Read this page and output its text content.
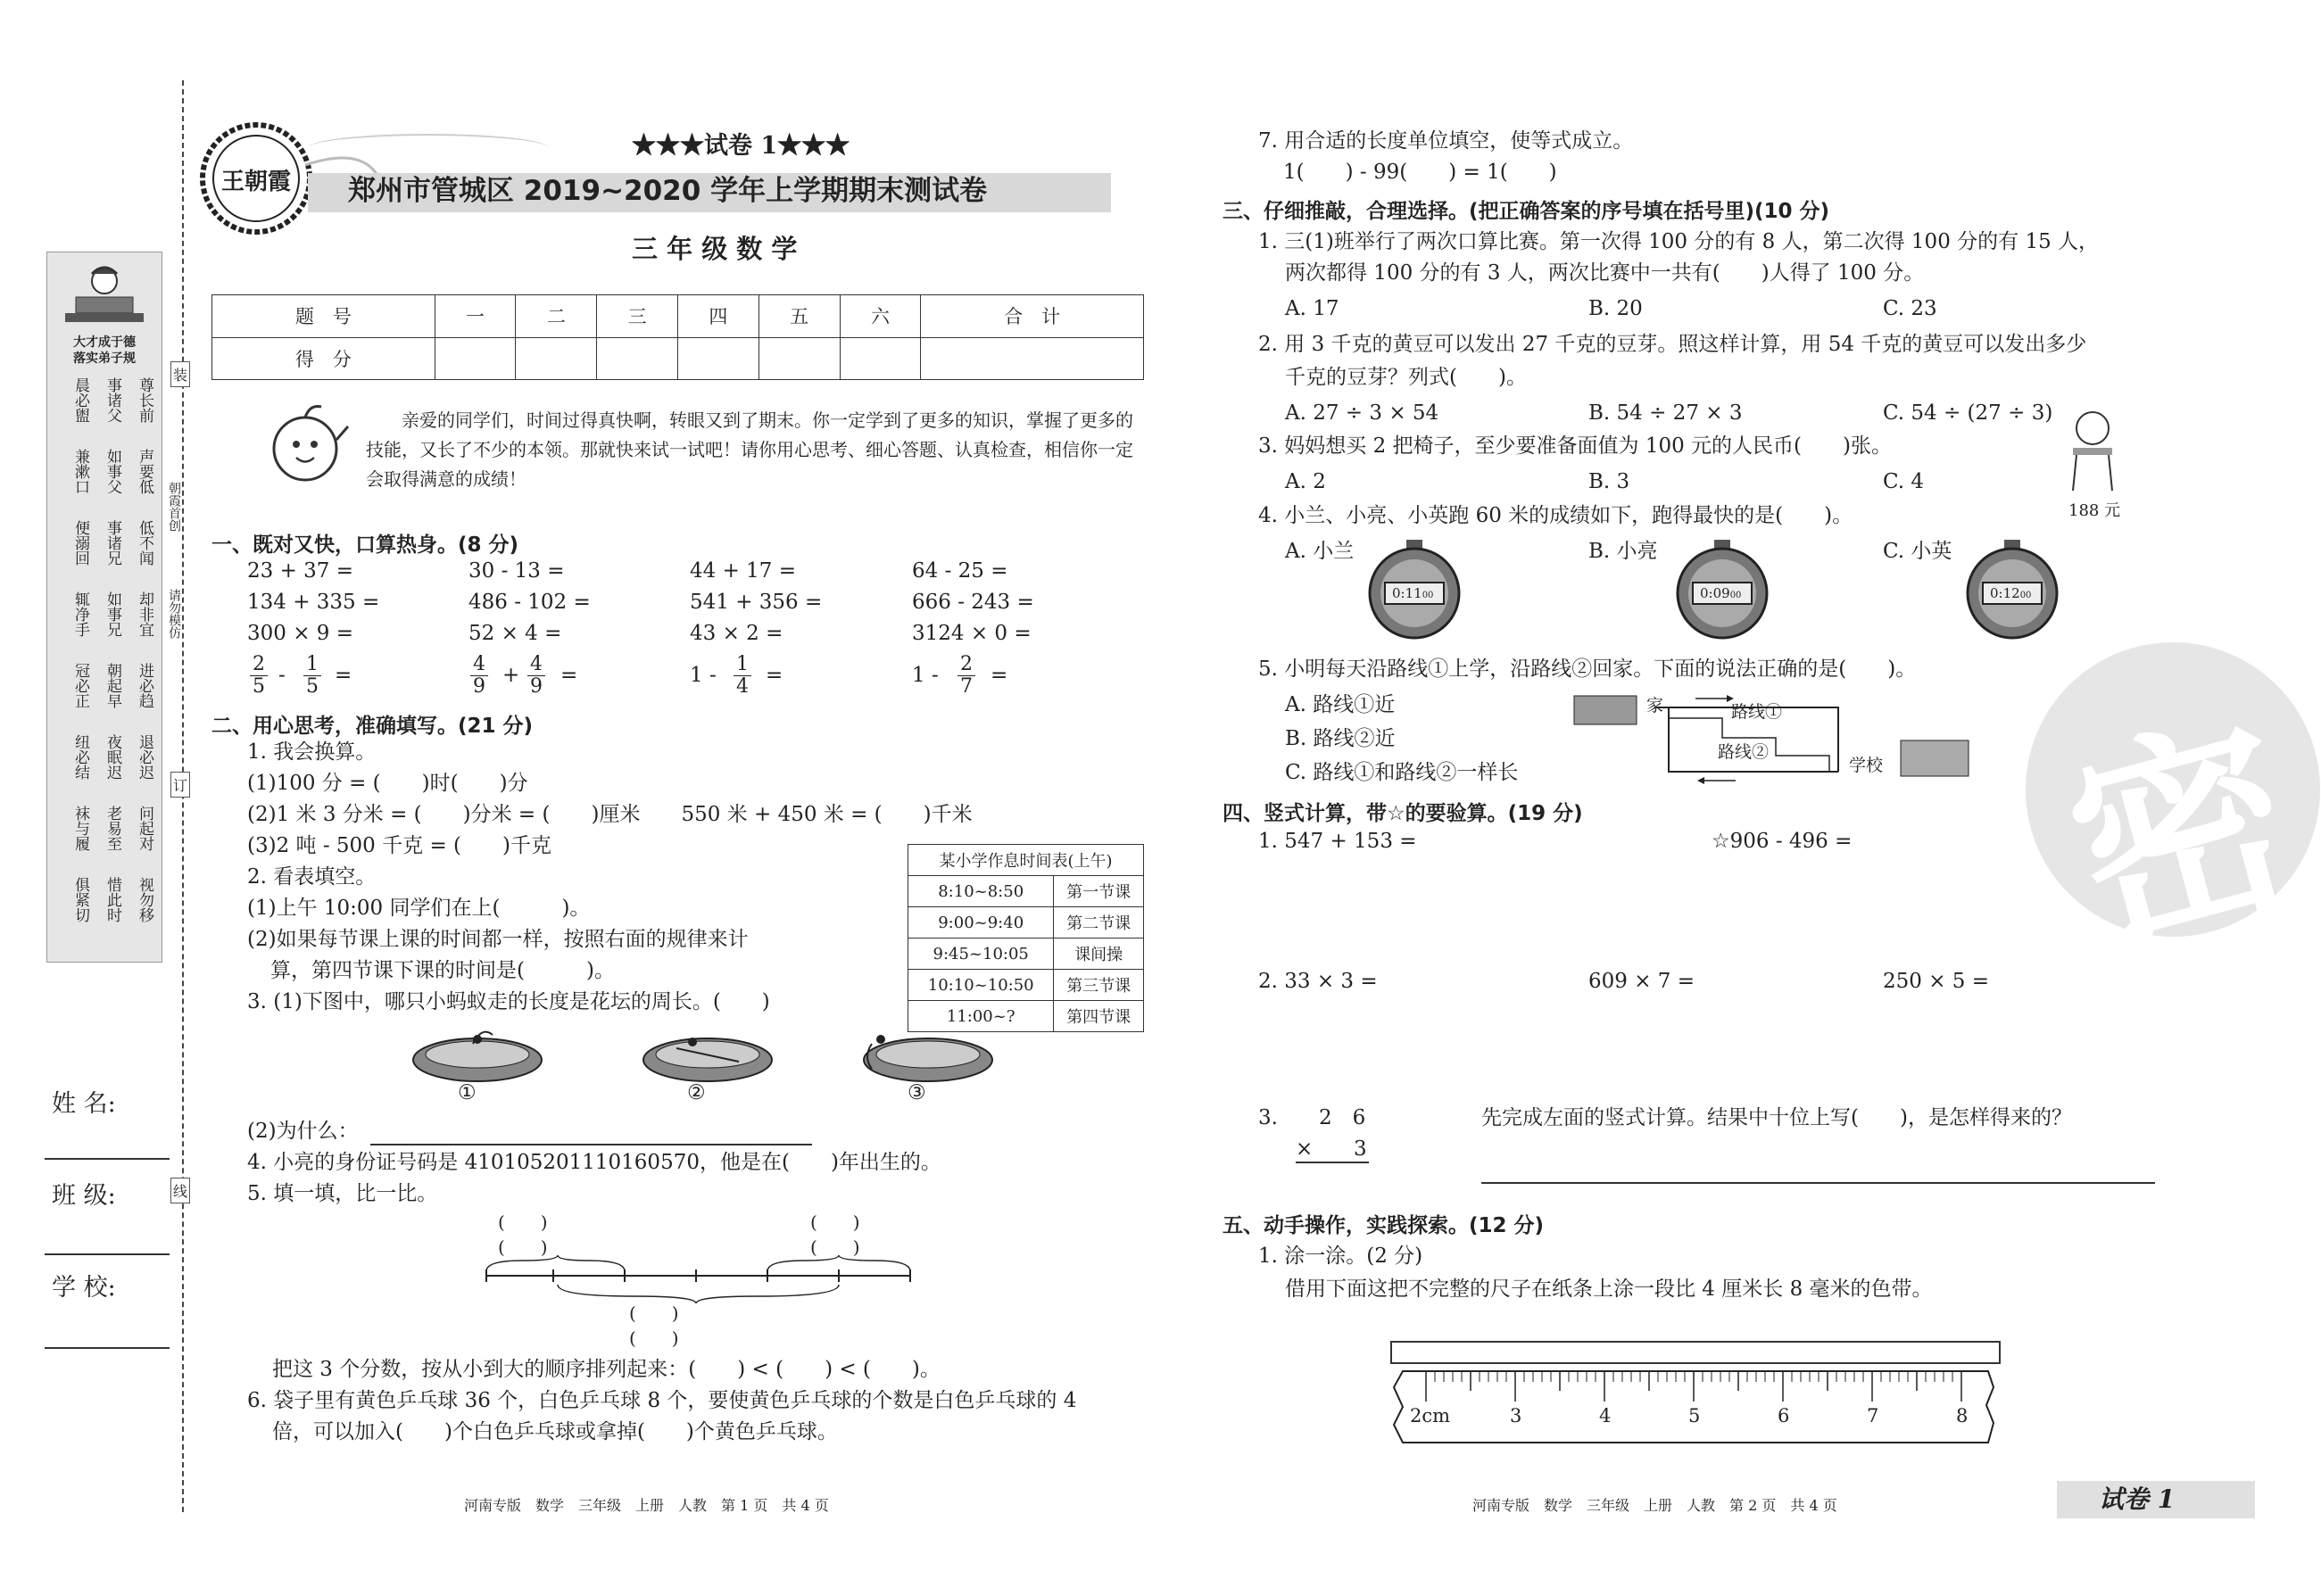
大才成于德
落实弟子规
晨必盥 事诸父 尊长前
兼漱口 如事父 声要低
便溺回 事诸兄 低不闻
辄净手 如事兄 却非宜
冠必正 朝起早 进必趋
纽必结 夜眠迟 退必迟
袜与履 老易至 问起对
俱紧切 惜此时 视勿移
装
朝霞首创
请勿模仿
订
线
姓 名:
班 级:
学 校:
王朝霞
★★★试卷 1★★★
郑州市管城区 2019~2020 学年上学期期末测试卷
三 年 级 数 学
题　号	一	二	三	四	五	六	合　计
得　分							
亲爱的同学们，时间过得真快啊，转眼又到了期末。你一定学到了更多的知识，掌握了更多的技能，又长了不少的本领。那就快来试一试吧！请你用心思考、细心答题、认真检查，相信你一定会取得满意的成绩！
一、既对又快，口算热身。(8 分)
23 + 37 =	30 - 13 =	44 + 17 =	64 - 25 =
134 + 335 =	486 - 102 =	541 + 356 =	666 - 243 =
300 × 9 =	52 × 4 =	43 × 2 =	3124 × 0 =
$\frac{2}{5} - \frac{1}{5}$ =	$\frac{4}{9} + \frac{4}{9}$ =	$1 - \frac{1}{4}$ =	$1 - \frac{2}{7}$ =
二、用心思考，准确填写。(21 分)
1. 我会换算。
(1)100 分 = (　　)时(　　)分
(2)1 米 3 分米 = (　　)分米 = (　　)厘米　　550 米 + 450 米 = (　　)千米
(3)2 吨 - 500 千克 = (　　)千克
2. 看表填空。
(1)上午 10:00 同学们在上(　　　)。
(2)如果每节课上课的时间都一样，按照右面的规律来计
算，第四节课下课的时间是(　　　)。
某小学作息时间表(上午)	
8:10~8:50	第一节课
9:00~9:40	第二节课
9:45~10:05	课间操
10:10~10:50	第三节课
11:00~?	第四节课
3. (1)下图中，哪只小蚂蚁走的长度是花坛的周长。(　　)
①	②	③
(2)为什么：
4. 小亮的身份证号码是 410105201110160570，他是在(　　)年出生的。
5. 填一填，比一比。
(　　)
(　　)
(　　)
(　　)
(　　)
(　　)
把这 3 个分数，按从小到大的顺序排列起来：(　　) < (　　) < (　　)。
6. 袋子里有黄色乒乓球 36 个，白色乒乓球 8 个，要使黄色乒乓球的个数是白色乒乓球的 4
倍，可以加入(　　)个白色乒乓球或拿掉(　　)个黄色乒乓球。
河南专版　数学　三年级　上册　人教　第 1 页　共 4 页
密
7. 用合适的长度单位填空，使等式成立。
1(　　) - 99(　　) = 1(　　)
三、仔细推敲，合理选择。(把正确答案的序号填在括号里)(10 分)
1. 三(1)班举行了两次口算比赛。第一次得 100 分的有 8 人，第二次得 100 分的有 15 人，
两次都得 100 分的有 3 人，两次比赛中一共有(　　)人得了 100 分。
A. 17	B. 20	C. 23
2. 用 3 千克的黄豆可以发出 27 千克的豆芽。照这样计算，用 54 千克的黄豆可以发出多少
千克的豆芽？列式(　　)。
A. 27 ÷ 3 × 54	B. 54 ÷ 27 × 3	C. 54 ÷ (27 ÷ 3)
3. 妈妈想买 2 把椅子，至少要准备面值为 100 元的人民币(　　)张。
A. 2	B. 3	C. 4
188 元
4. 小兰、小亮、小英跑 60 米的成绩如下，跑得最快的是(　　)。
A. 小兰	B. 小亮	C. 小英
0:1100	0:0900	0:1200
5. 小明每天沿路线①上学，沿路线②回家。下面的说法正确的是(　　)。
A. 路线①近
B. 路线②近
C. 路线①和路线②一样长
家	路线①
路线②
学校
四、竖式计算，带☆的要验算。(19 分)
1. 547 + 153 =	☆906 - 496 =
2. 33 × 3 =	609 × 7 =	250 × 5 =
3. 2　6
× 3
先完成左面的竖式计算。结果中十位上写(　　)，是怎样得来的？
五、动手操作，实践探索。(12 分)
1. 涂一涂。(2 分)
借用下面这把不完整的尺子在纸条上涂一段比 4 厘米长 8 毫米的色带。
2cm	3	4	5	6	7	8
河南专版　数学　三年级　上册　人教　第 2 页　共 4 页	试卷 1
